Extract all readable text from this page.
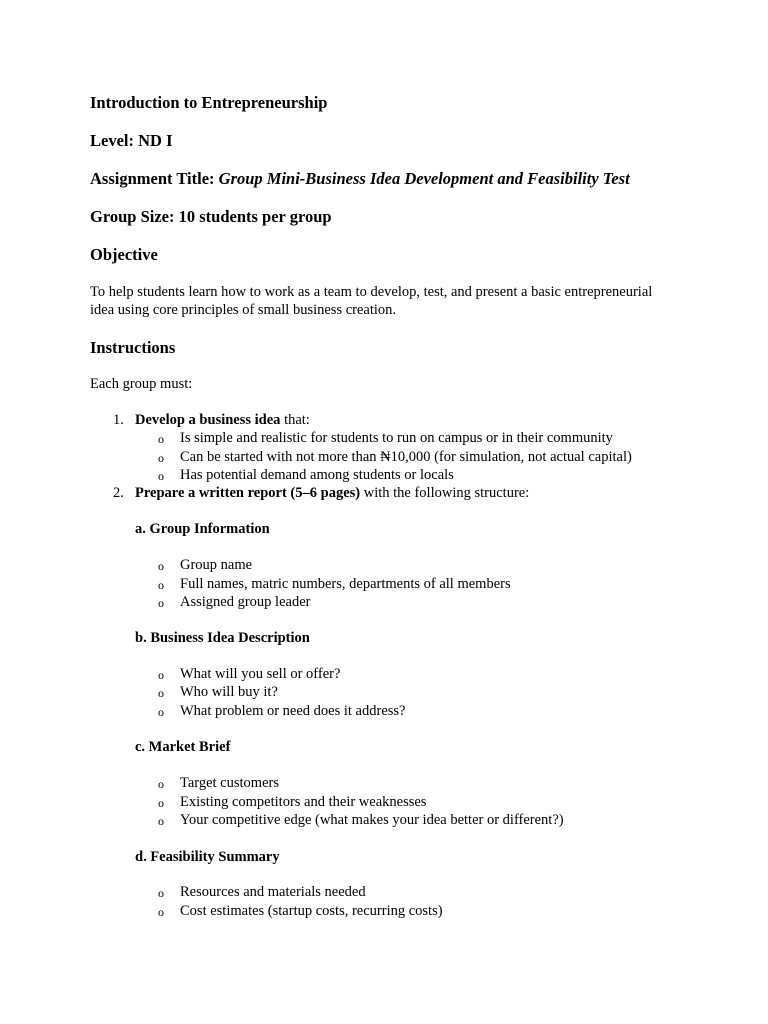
Introduction to Entrepreneurship
Level: ND I
Assignment Title: Group Mini-Business Idea Development and Feasibility Test
Group Size: 10 students per group
Objective
To help students learn how to work as a team to develop, test, and present a basic entrepreneurial
idea using core principles of small business creation.
Instructions
Each group must:
1. Develop a business idea that:
o Is simple and realistic for students to run on campus or in their community
o Can be started with not more than ₦10,000 (for simulation, not actual capital)
o Has potential demand among students or locals
2. Prepare a written report (5–6 pages) with the following structure:
a. Group Information
o Group name
o Full names, matric numbers, departments of all members
o Assigned group leader
b. Business Idea Description
o What will you sell or offer?
o Who will buy it?
o What problem or need does it address?
c. Market Brief
o Target customers
o Existing competitors and their weaknesses
o Your competitive edge (what makes your idea better or different?)
d. Feasibility Summary
o Resources and materials needed
o Cost estimates (startup costs, recurring costs)
